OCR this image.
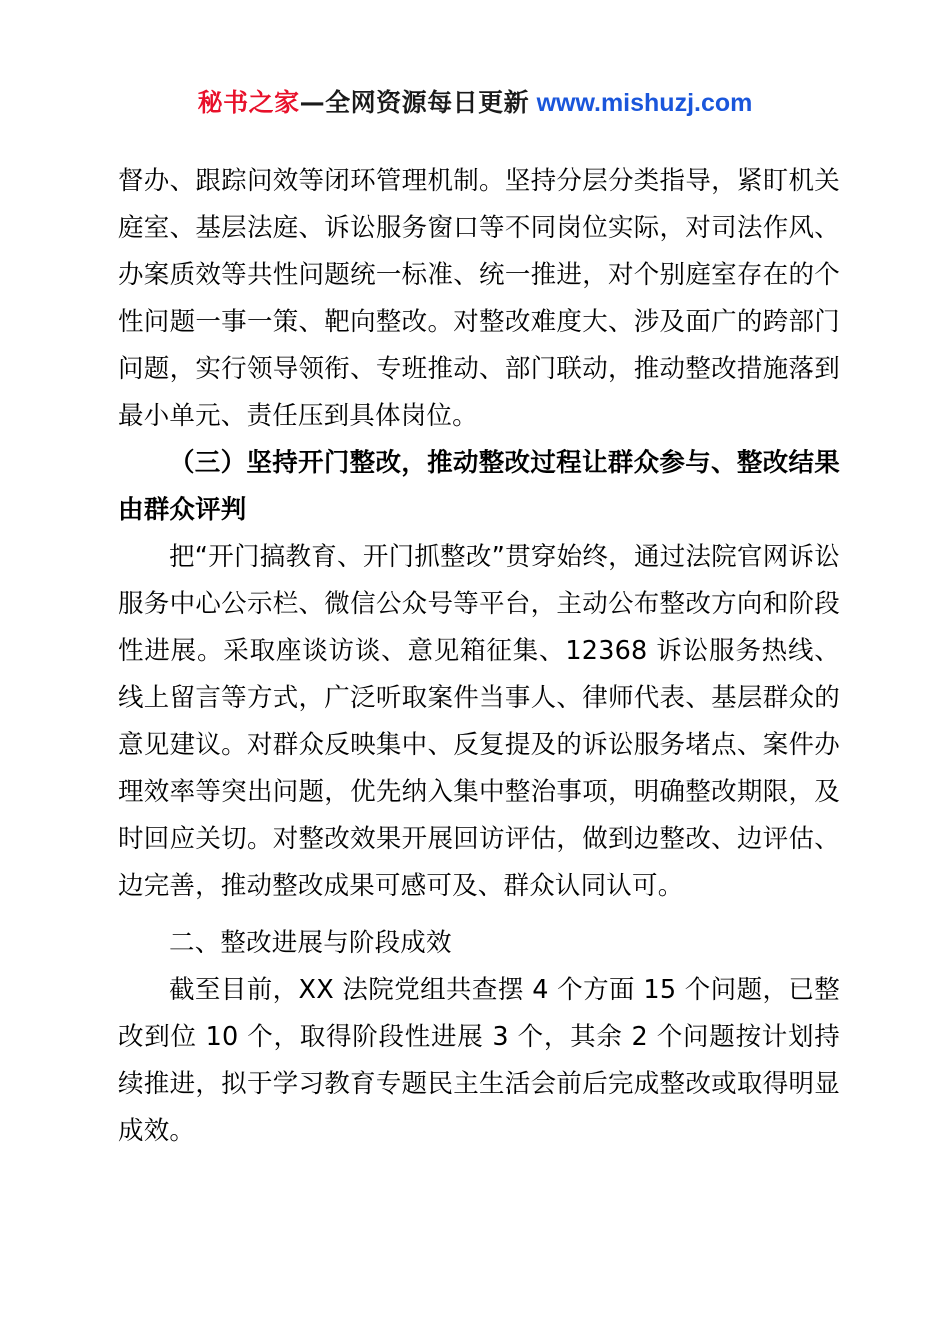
秘书之家—全网资源每日更新 www.mishuzj.com

督办、跟踪问效等闭环管理机制。坚持分层分类指导，紧盯机关庭室、基层法庭、诉讼服务窗口等不同岗位实际，对司法作风、办案质效等共性问题统一标准、统一推进，对个别庭室存在的个性问题一事一策、靶向整改。对整改难度大、涉及面广的跨部门问题，实行领导领衔、专班推动、部门联动，推动整改措施落到最小单元、责任压到具体岗位。

（三）坚持开门整改，推动整改过程让群众参与、整改结果由群众评判

把“开门搞教育、开门抓整改”贯穿始终，通过法院官网诉讼服务中心公示栏、微信公众号等平台，主动公布整改方向和阶段性进展。采取座谈访谈、意见箱征集、12368 诉讼服务热线、线上留言等方式，广泛听取案件当事人、律师代表、基层群众的意见建议。对群众反映集中、反复提及的诉讼服务堵点、案件办理效率等突出问题，优先纳入集中整治事项，明确整改期限，及时回应关切。对整改效果开展回访评估，做到边整改、边评估、边完善，推动整改成果可感可及、群众认同认可。

二、整改进展与阶段成效

截至目前，XX 法院党组共查摆 4 个方面 15 个问题，已整改到位 10 个，取得阶段性进展 3 个，其余 2 个问题按计划持续推进，拟于学习教育专题民主生活会前后完成整改或取得明显成效。
